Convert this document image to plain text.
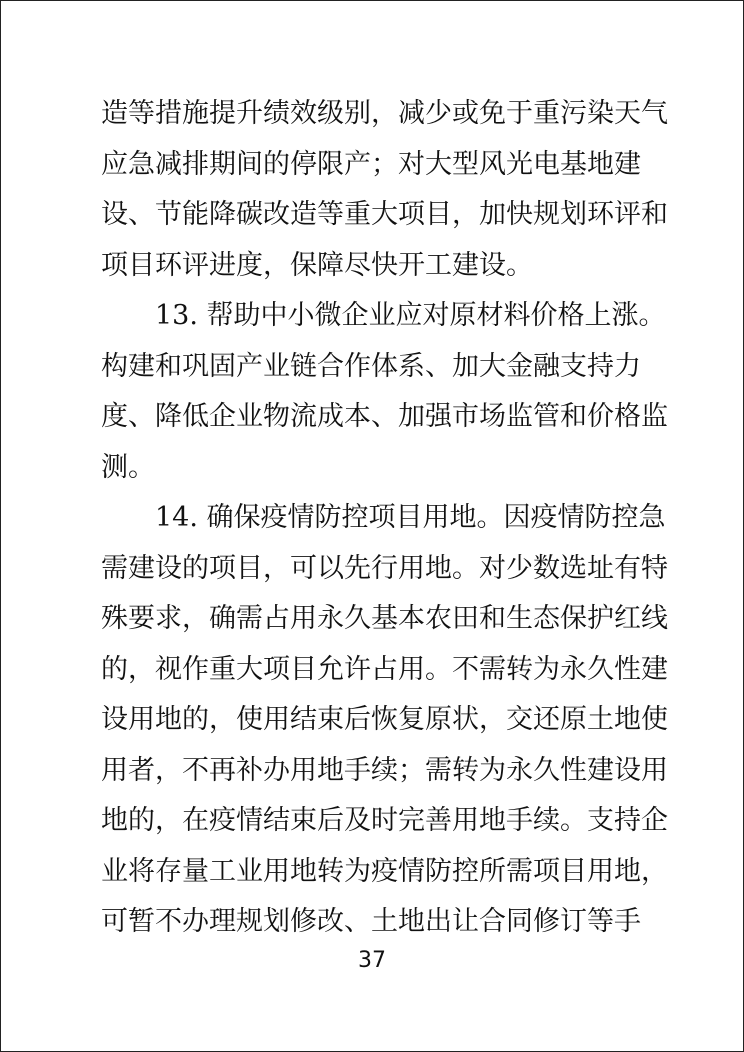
造等措施提升绩效级别，减少或免于重污染天气
应急减排期间的停限产；对大型风光电基地建
设、节能降碳改造等重大项目，加快规划环评和
项目环评进度，保障尽快开工建设。
13. 帮助中小微企业应对原材料价格上涨。
构建和巩固产业链合作体系、加大金融支持力
度、降低企业物流成本、加强市场监管和价格监
测。
14. 确保疫情防控项目用地。因疫情防控急
需建设的项目，可以先行用地。对少数选址有特
殊要求，确需占用永久基本农田和生态保护红线
的，视作重大项目允许占用。不需转为永久性建
设用地的，使用结束后恢复原状，交还原土地使
用者，不再补办用地手续；需转为永久性建设用
地的，在疫情结束后及时完善用地手续。支持企
业将存量工业用地转为疫情防控所需项目用地，
可暂不办理规划修改、土地出让合同修订等手
37
